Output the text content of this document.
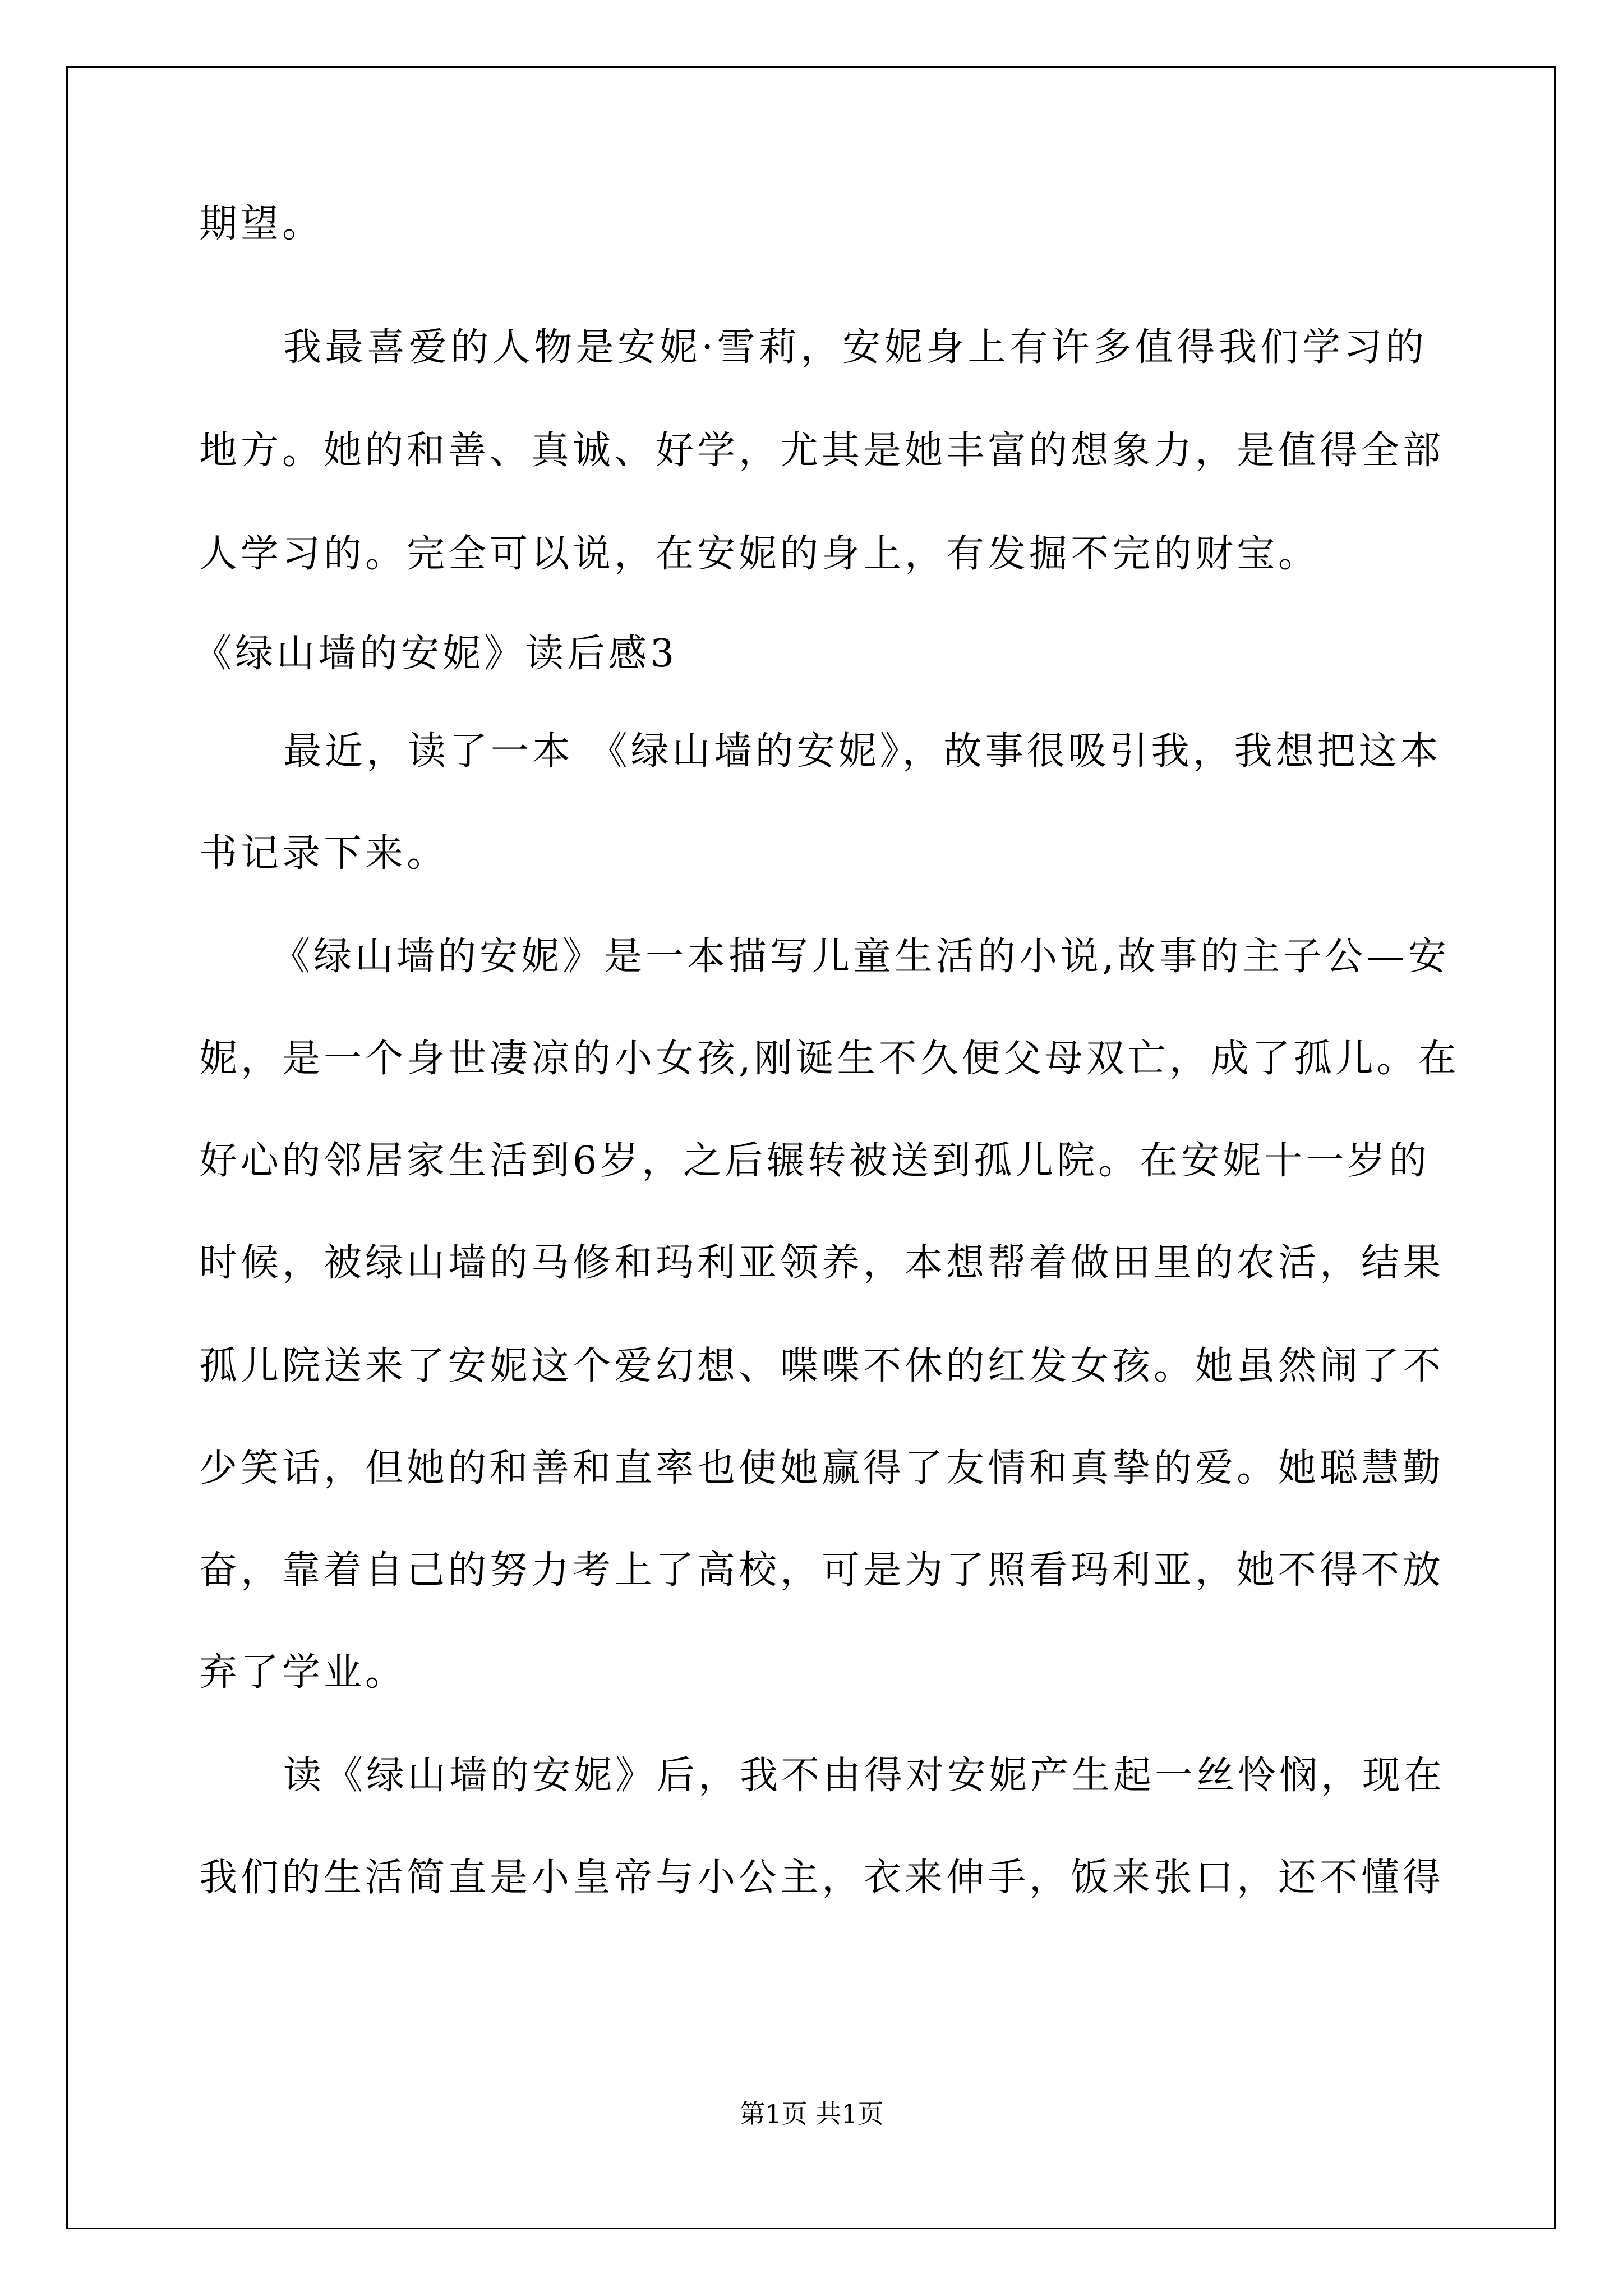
期望。
我最喜爱的人物是安妮·雪莉，安妮身上有许多值得我们学习的
地方。她的和善、真诚、好学，尤其是她丰富的想象力，是值得全部
人学习的。完全可以说，在安妮的身上，有发掘不完的财宝。
《绿山墙的安妮》读后感3
最近，读了一本 《绿山墙的安妮》，故事很吸引我，我想把这本
书记录下来。
《绿山墙的安妮》是一本描写儿童生活的小说,故事的主子公—安
妮，是一个身世凄凉的小女孩,刚诞生不久便父母双亡，成了孤儿。在
好心的邻居家生活到6岁，之后辗转被送到孤儿院。在安妮十一岁的
时候，被绿山墙的马修和玛利亚领养，本想帮着做田里的农活，结果
孤儿院送来了安妮这个爱幻想、喋喋不休的红发女孩。她虽然闹了不
少笑话，但她的和善和直率也使她赢得了友情和真挚的爱。她聪慧勤
奋，靠着自己的努力考上了高校，可是为了照看玛利亚，她不得不放
弃了学业。
读《绿山墙的安妮》后，我不由得对安妮产生起一丝怜悯，现在
我们的生活简直是小皇帝与小公主，衣来伸手，饭来张口，还不懂得
第1页 共1页
